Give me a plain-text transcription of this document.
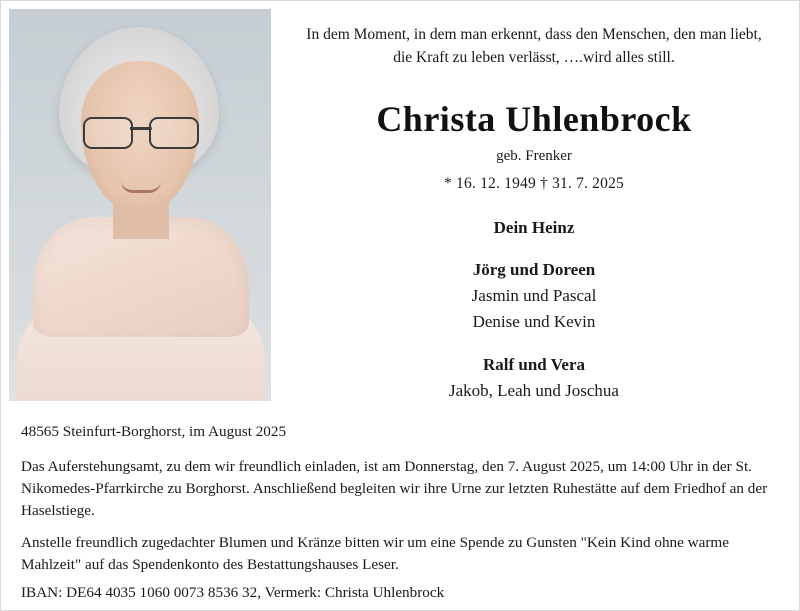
In dem Moment, in dem man erkennt, dass den Menschen, den man liebt, die Kraft zu leben verlässt, ….wird alles still.
Christa Uhlenbrock
geb. Frenker
* 16. 12. 1949 † 31. 7. 2025
Dein Heinz
Jörg und Doreen
Jasmin und Pascal
Denise und Kevin
Ralf und Vera
Jakob, Leah und Joschua
48565 Steinfurt-Borghorst, im August 2025
Das Auferstehungsamt, zu dem wir freundlich einladen, ist am Donnerstag, den 7. August 2025, um 14:00 Uhr in der St. Nikomedes-Pfarrkirche zu Borghorst. Anschließend begleiten wir ihre Urne zur letzten Ruhestätte auf dem Friedhof an der Haselstiege.
Anstelle freundlich zugedachter Blumen und Kränze bitten wir um eine Spende zu Gunsten "Kein Kind ohne warme Mahlzeit" auf das Spendenkonto des Bestattungshauses Leser.
IBAN: DE64 4035 1060 0073 8536 32, Vermerk: Christa Uhlenbrock
